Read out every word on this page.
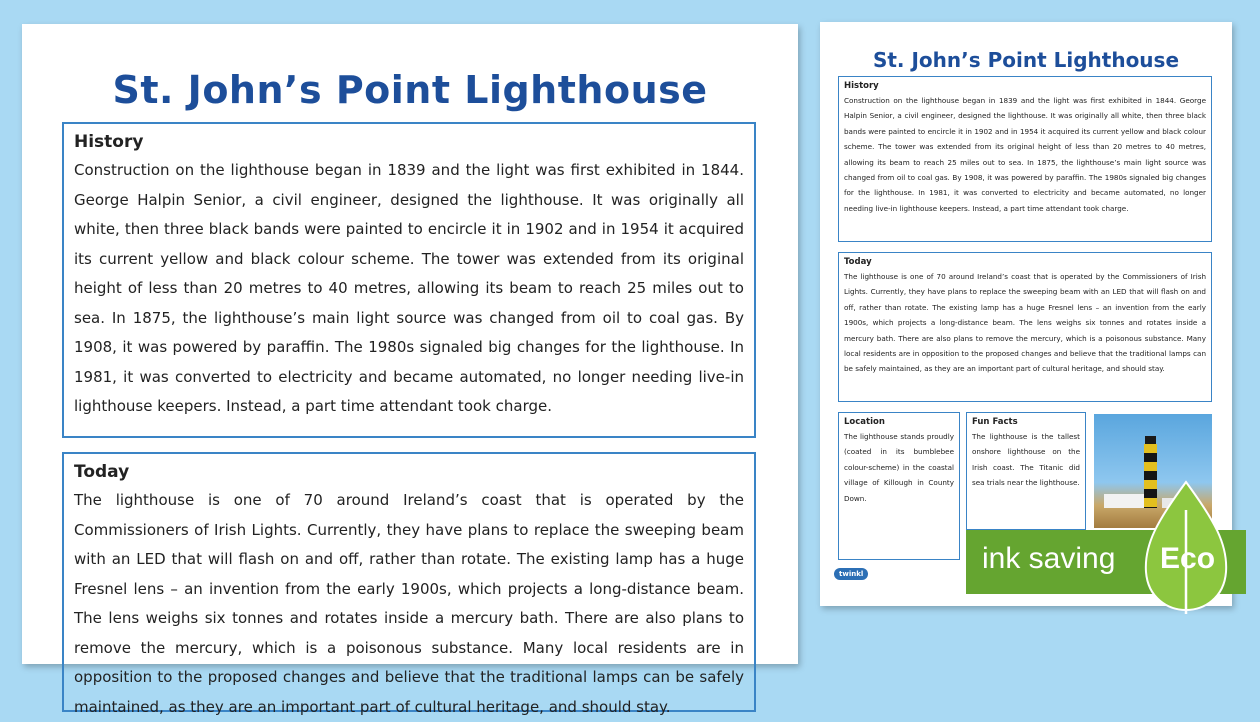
St. John’s Point Lighthouse
History
Construction on the lighthouse began in 1839 and the light was first exhibited in 1844. George Halpin Senior, a civil engineer, designed the lighthouse. It was originally all white, then three black bands were painted to encircle it in 1902 and in 1954 it acquired its current yellow and black colour scheme. The tower was extended from its original height of less than 20 metres to 40 metres, allowing its beam to reach 25 miles out to sea. In 1875, the lighthouse’s main light source was changed from oil to coal gas. By 1908, it was powered by paraffin. The 1980s signaled big changes for the lighthouse. In 1981, it was converted to electricity and became automated, no longer needing live-in lighthouse keepers. Instead, a part time attendant took charge.
Today
The lighthouse is one of 70 around Ireland’s coast that is operated by the Commissioners of Irish Lights. Currently, they have plans to replace the sweeping beam with an LED that will flash on and off, rather than rotate. The existing lamp has a huge Fresnel lens – an invention from the early 1900s, which projects a long-distance beam. The lens weighs six tonnes and rotates inside a mercury bath. There are also plans to remove the mercury, which is a poisonous substance. Many local residents are in opposition to the proposed changes and believe that the traditional lamps can be safely maintained, as they are an important part of cultural heritage, and should stay.
St. John’s Point Lighthouse
History
Construction on the lighthouse began in 1839 and the light was first exhibited in 1844. George Halpin Senior, a civil engineer, designed the lighthouse. It was originally all white, then three black bands were painted to encircle it in 1902 and in 1954 it acquired its current yellow and black colour scheme. The tower was extended from its original height of less than 20 metres to 40 metres, allowing its beam to reach 25 miles out to sea. In 1875, the lighthouse’s main light source was changed from oil to coal gas. By 1908, it was powered by paraffin. The 1980s signaled big changes for the lighthouse. In 1981, it was converted to electricity and became automated, no longer needing live-in lighthouse keepers. Instead, a part time attendant took charge.
Today
The lighthouse is one of 70 around Ireland’s coast that is operated by the Commissioners of Irish Lights. Currently, they have plans to replace the sweeping beam with an LED that will flash on and off, rather than rotate. The existing lamp has a huge Fresnel lens – an invention from the early 1900s, which projects a long-distance beam. The lens weighs six tonnes and rotates inside a mercury bath. There are also plans to remove the mercury, which is a poisonous substance. Many local residents are in opposition to the proposed changes and believe that the traditional lamps can be safely maintained, as they are an important part of cultural heritage, and should stay.
Location
The lighthouse stands proudly (coated in its bumblebee colour-scheme) in the coastal village of Killough in County Down.
Fun Facts
The lighthouse is the tallest onshore lighthouse on the Irish coast. The Titanic did sea trials near the lighthouse.
twinkl	ink saving Eco
